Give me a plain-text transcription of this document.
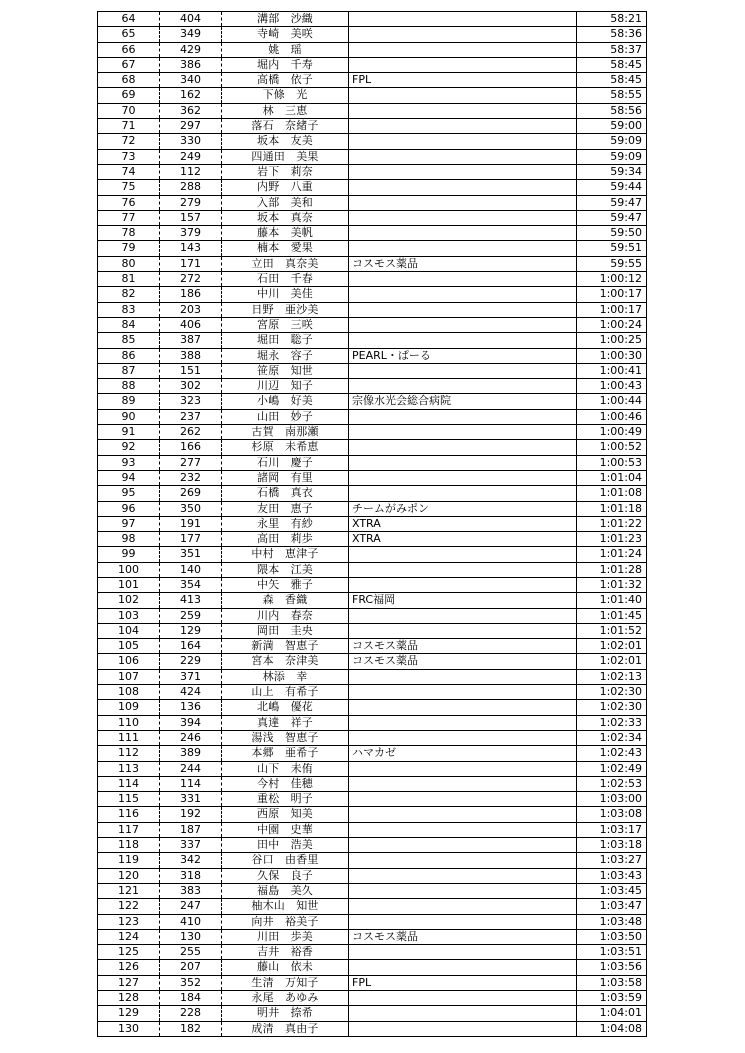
64	404	溝部　沙織	58:21
65	349	寺崎　美咲	58:36
66	429	姚　瑶	58:37
67	386	堀内　千寿	58:45
68	340	高橋　依子	FPL	58:45
69	162	下條　光	58:55
70	362	林　三恵	58:56
71	297	落石　奈緒子	59:00
72	330	坂本　友美	59:09
73	249	四通田　美果	59:09
74	112	岩下　莉奈	59:34
75	288	内野　八重	59:44
76	279	入部　美和	59:47
77	157	坂本　真奈	59:47
78	379	藤本　美帆	59:50
79	143	楠本　愛果	59:51
80	171	立田　真奈美	コスモス薬品	59:55
81	272	石田　千春	1:00:12
82	186	中川　美佳	1:00:17
83	203	日野　亜沙美	1:00:17
84	406	宮原　三咲	1:00:24
85	387	堀田　聡子	1:00:25
86	388	堀永　容子	PEARL・ぱーる	1:00:30
87	151	笹原　知世	1:00:41
88	302	川辺　知子	1:00:43
89	323	小嶋　好美	宗像水光会総合病院	1:00:44
90	237	山田　妙子	1:00:46
91	262	古賀　南那瀬	1:00:49
92	166	杉原　未希恵	1:00:52
93	277	石川　慶子	1:00:53
94	232	諸岡　有里	1:01:04
95	269	石橋　真衣	1:01:08
96	350	友田　恵子	チームがみポン	1:01:18
97	191	永里　有紗	XTRA	1:01:22
98	177	高田　莉歩	XTRA	1:01:23
99	351	中村　恵津子	1:01:24
100	140	隈本　江美	1:01:28
101	354	中矢　雅子	1:01:32
102	413	森　香織	FRC福岡	1:01:40
103	259	川内　春奈	1:01:45
104	129	岡田　圭央	1:01:52
105	164	新満　智恵子	コスモス薬品	1:02:01
106	229	宮本　奈津美	コスモス薬品	1:02:01
107	371	林添　幸	1:02:13
108	424	山上　有希子	1:02:30
109	136	北嶋　優花	1:02:30
110	394	真達　祥子	1:02:33
111	246	湯浅　智恵子	1:02:34
112	389	本郷　亜希子	ハマカゼ	1:02:43
113	244	山下　未侑	1:02:49
114	114	今村　佳穂	1:02:53
115	331	重松　明子	1:03:00
116	192	西原　知美	1:03:08
117	187	中園　史華	1:03:17
118	337	田中　浩美	1:03:18
119	342	谷口　由香里	1:03:27
120	318	久保　良子	1:03:43
121	383	福島　美久	1:03:45
122	247	柚木山　知世	1:03:47
123	410	向井　裕美子	1:03:48
124	130	川田　歩美	コスモス薬品	1:03:50
125	255	吉井　裕香	1:03:51
126	207	藤山　依未	1:03:56
127	352	生清　万知子	FPL	1:03:58
128	184	永尾　あゆみ	1:03:59
129	228	明井　捺希	1:04:01
130	182	成清　真由子	1:04:08
